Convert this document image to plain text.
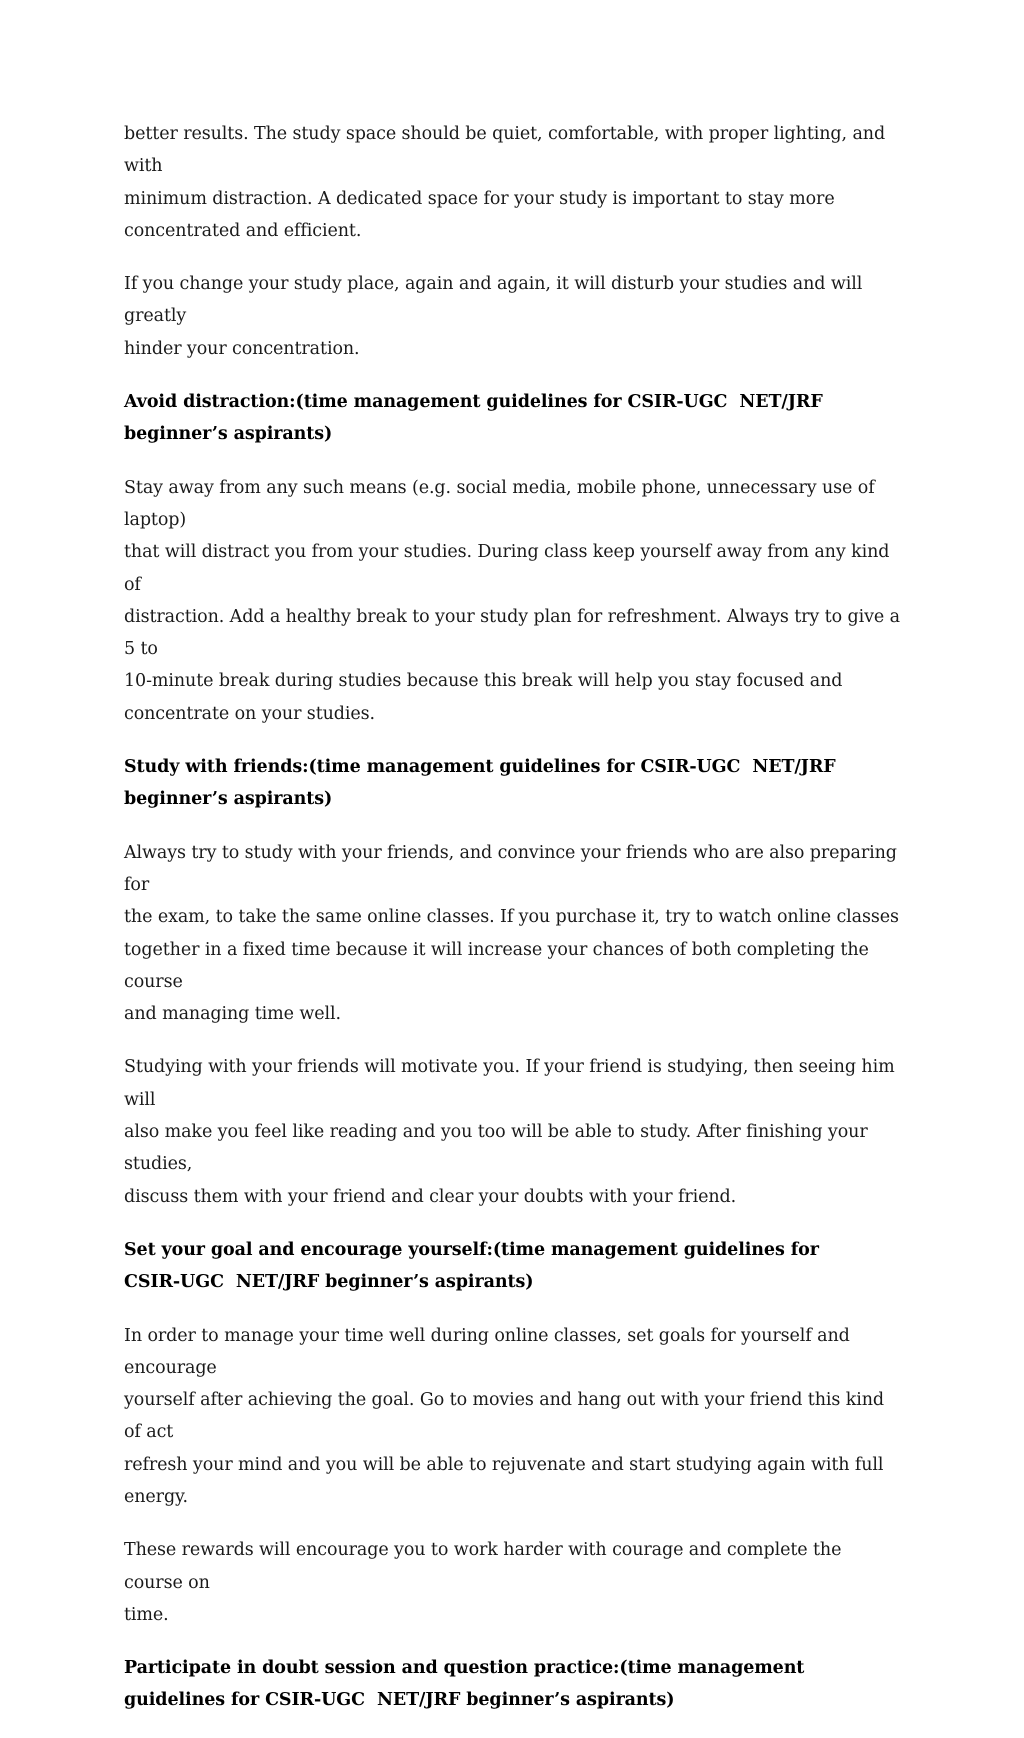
better results. The study space should be quiet, comfortable, with proper lighting, and with
minimum distraction. A dedicated space for your study is important to stay more
concentrated and efficient.

If you change your study place, again and again, it will disturb your studies and will greatly
hinder your concentration.

Avoid distraction:(time management guidelines for CSIR-UGC  NET/JRF
beginner’s aspirants)

Stay away from any such means (e.g. social media, mobile phone, unnecessary use of laptop)
that will distract you from your studies. During class keep yourself away from any kind of
distraction. Add a healthy break to your study plan for refreshment. Always try to give a 5 to
10-minute break during studies because this break will help you stay focused and
concentrate on your studies.

Study with friends:(time management guidelines for CSIR-UGC  NET/JRF
beginner’s aspirants)

Always try to study with your friends, and convince your friends who are also preparing for
the exam, to take the same online classes. If you purchase it, try to watch online classes
together in a fixed time because it will increase your chances of both completing the course
and managing time well.

Studying with your friends will motivate you. If your friend is studying, then seeing him will
also make you feel like reading and you too will be able to study. After finishing your studies,
discuss them with your friend and clear your doubts with your friend.

Set your goal and encourage yourself:(time management guidelines for
CSIR-UGC  NET/JRF beginner’s aspirants)

In order to manage your time well during online classes, set goals for yourself and encourage
yourself after achieving the goal. Go to movies and hang out with your friend this kind of act
refresh your mind and you will be able to rejuvenate and start studying again with full
energy.

These rewards will encourage you to work harder with courage and complete the course on
time.

Participate in doubt session and question practice:(time management
guidelines for CSIR-UGC  NET/JRF beginner’s aspirants)
